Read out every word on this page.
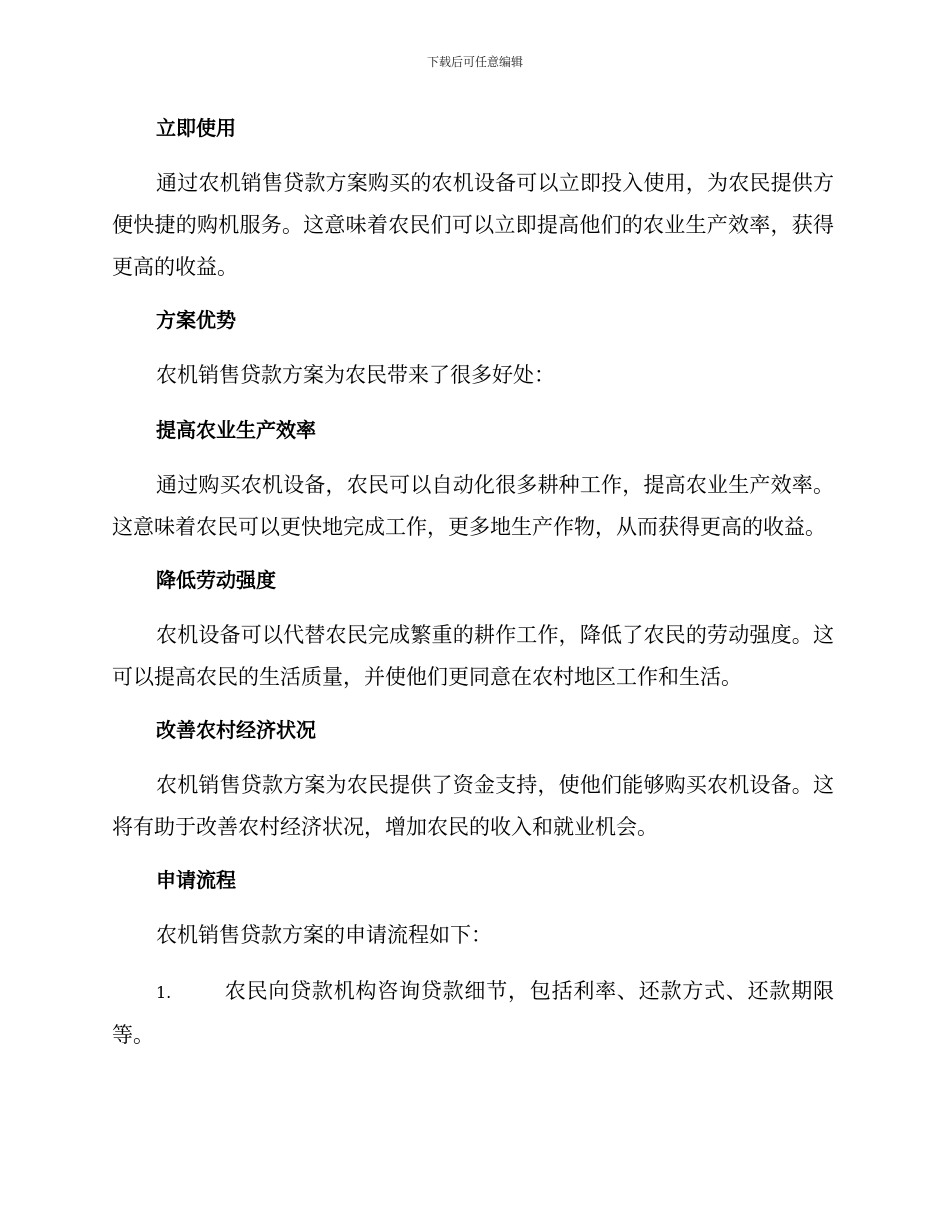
下载后可任意编辑
立即使用

通过农机销售贷款方案购买的农机设备可以立即投入使用，为农民提供方便快捷的购机服务。这意味着农民们可以立即提高他们的农业生产效率，获得更高的收益。

方案优势

农机销售贷款方案为农民带来了很多好处：

提高农业生产效率

通过购买农机设备，农民可以自动化很多耕种工作，提高农业生产效率。这意味着农民可以更快地完成工作，更多地生产作物，从而获得更高的收益。

降低劳动强度

农机设备可以代替农民完成繁重的耕作工作，降低了农民的劳动强度。这可以提高农民的生活质量，并使他们更同意在农村地区工作和生活。

改善农村经济状况

农机销售贷款方案为农民提供了资金支持，使他们能够购买农机设备。这将有助于改善农村经济状况，增加农民的收入和就业机会。

申请流程

农机销售贷款方案的申请流程如下：

1.	农民向贷款机构咨询贷款细节，包括利率、还款方式、还款期限等。
